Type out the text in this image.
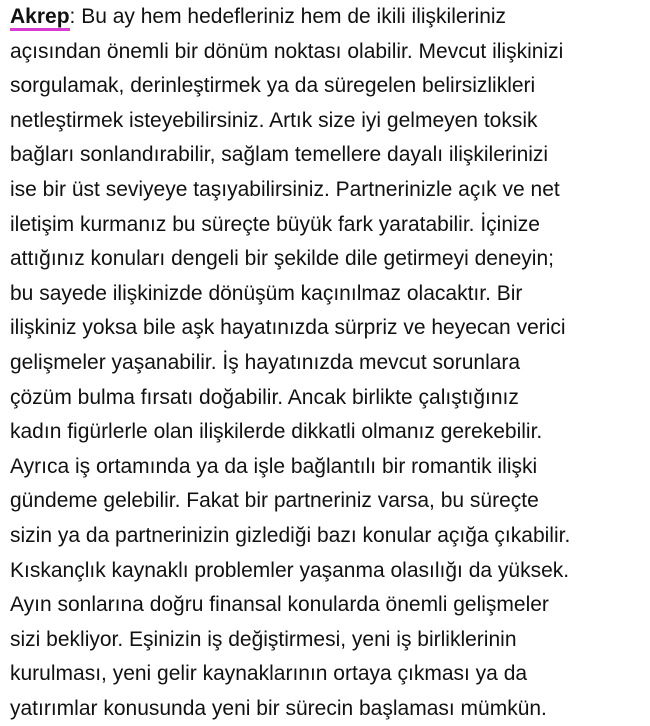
Akrep: Bu ay hem hedefleriniz hem de ikili ilişkileriniz
açısından önemli bir dönüm noktası olabilir. Mevcut ilişkinizi
sorgulamak, derinleştirmek ya da süregelen belirsizlikleri
netleştirmek isteyebilirsiniz. Artık size iyi gelmeyen toksik
bağları sonlandırabilir, sağlam temellere dayalı ilişkilerinizi
ise bir üst seviyeye taşıyabilirsiniz. Partnerinizle açık ve net
iletişim kurmanız bu süreçte büyük fark yaratabilir. İçinize
attığınız konuları dengeli bir şekilde dile getirmeyi deneyin;
bu sayede ilişkinizde dönüşüm kaçınılmaz olacaktır. Bir
ilişkiniz yoksa bile aşk hayatınızda sürpriz ve heyecan verici
gelişmeler yaşanabilir. İş hayatınızda mevcut sorunlara
çözüm bulma fırsatı doğabilir. Ancak birlikte çalıştığınız
kadın figürlerle olan ilişkilerde dikkatli olmanız gerekebilir.
Ayrıca iş ortamında ya da işle bağlantılı bir romantik ilişki
gündeme gelebilir. Fakat bir partneriniz varsa, bu süreçte
sizin ya da partnerinizin gizlediği bazı konular açığa çıkabilir.
Kıskançlık kaynaklı problemler yaşanma olasılığı da yüksek.
Ayın sonlarına doğru finansal konularda önemli gelişmeler
sizi bekliyor. Eşinizin iş değiştirmesi, yeni iş birliklerinin
kurulması, yeni gelir kaynaklarının ortaya çıkması ya da
yatırımlar konusunda yeni bir sürecin başlaması mümkün.
